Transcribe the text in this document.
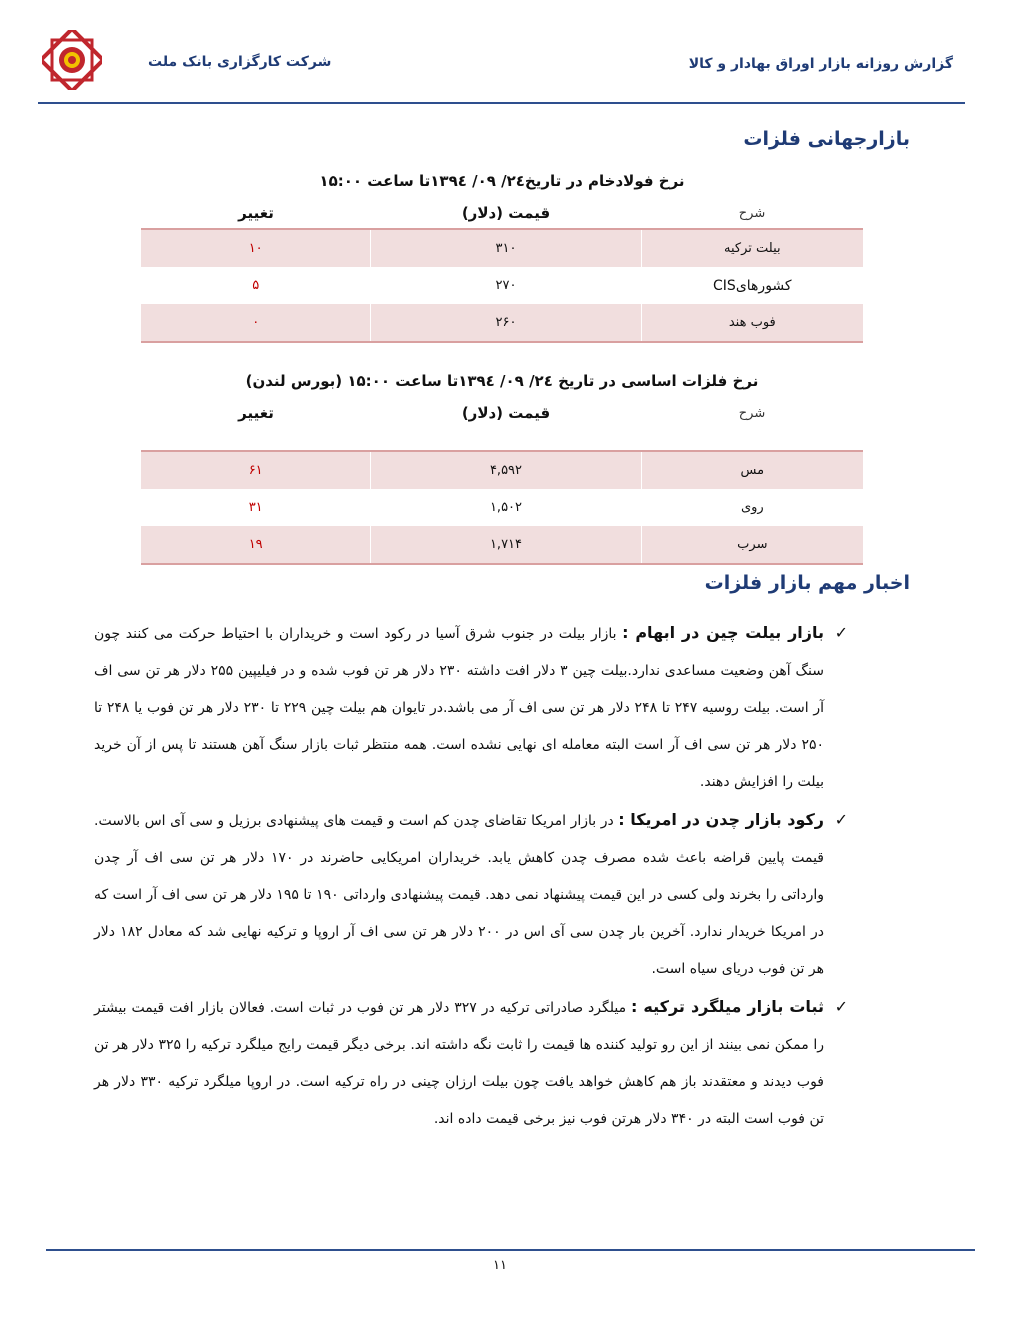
شرکت کارگزاری بانک ملت	گزارش روزانه بازار اوراق بهادار و کالا
بازارجهانی فلزات
نرخ فولادخام در تاریخ۲٤/ ۰۹/ ۱۳۹٤تا ساعت ۱۵:۰۰
شرح
قیمت (دلار)
تغییر
بیلت ترکیه
۳۱۰
۱۰
کشورهایCIS
۲۷۰
۵
فوب هند
۲۶۰
۰
نرخ فلزات اساسی در تاریخ ۲٤/ ۰۹/ ۱۳۹٤تا ساعت ۱۵:۰۰ (بورس لندن)
شرح
قیمت (دلار)
تغییر
مس
۴,۵۹۲
۶۱
روی
۱,۵۰۲
۳۱
سرب
۱,۷۱۴
۱۹
اخبار مهم بازار فلزات
✓
بازار بیلت چین در ابهام : بازار بیلت در جنوب شرق آسیا در رکود است و خریداران با احتیاط حرکت می کنند چون سنگ آهن وضعیت مساعدی ندارد.بیلت چین ۳ دلار افت داشته ۲۳۰ دلار هر تن فوب شده و در فیلیپین ۲۵۵ دلار هر تن سی اف آر است. بیلت روسیه ۲۴۷ تا ۲۴۸ دلار هر تن سی اف آر می باشد.در تایوان هم بیلت چین ۲۲۹ تا ۲۳۰ دلار هر تن فوب یا ۲۴۸ تا ۲۵۰ دلار هر تن سی اف آر است البته معامله ای نهایی نشده است. همه منتظر ثبات بازار سنگ آهن هستند تا پس از آن خرید بیلت را افزایش دهند.
✓
رکود بازار چدن در امریکا : در بازار امریکا تقاضای چدن کم است و قیمت های پیشنهادی برزیل و سی آی اس بالاست. قیمت پایین قراضه باعث شده مصرف چدن کاهش یابد. خریداران امریکایی حاضرند در ۱۷۰ دلار هر تن سی اف آر چدن وارداتی را بخرند ولی کسی در این قیمت پیشنهاد نمی دهد. قیمت پیشنهادی وارداتی ۱۹۰ تا ۱۹۵ دلار هر تن سی اف آر است که در امریکا خریدار ندارد. آخرین بار چدن سی آی اس در ۲۰۰ دلار هر تن سی اف آر اروپا و ترکیه نهایی شد که معادل ۱۸۲ دلار هر تن فوب دریای سیاه است.
✓
ثبات بازار میلگرد ترکیه : میلگرد صادراتی ترکیه در ۳۲۷ دلار هر تن فوب در ثبات است. فعالان بازار افت قیمت بیشتر را ممکن نمی بینند از این رو تولید کننده ها قیمت را ثابت نگه داشته اند. برخی دیگر قیمت رایج میلگرد ترکیه را ۳۲۵ دلار هر تن فوب دیدند و معتقدند باز هم کاهش خواهد یافت چون بیلت ارزان چینی در راه ترکیه است. در اروپا میلگرد ترکیه ۳۳۰ دلار هر تن فوب است البته در ۳۴۰ دلار هرتن فوب نیز برخی قیمت داده اند.
۱۱
